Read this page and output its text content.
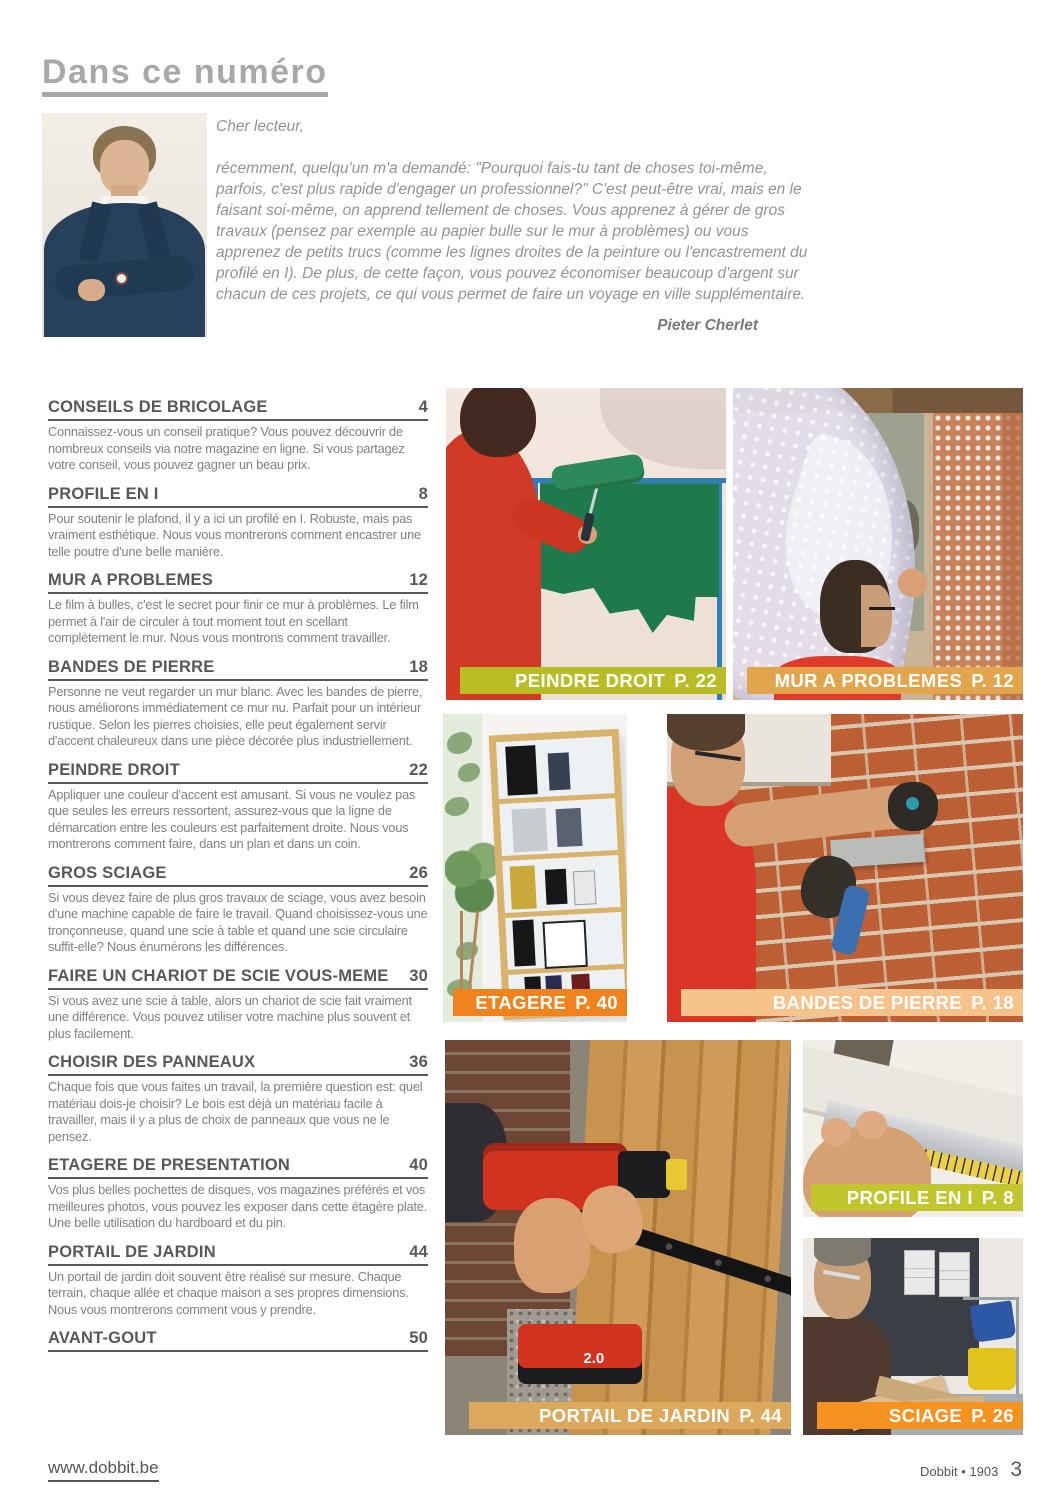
Dans ce numéro
Cher lecteur,
récemment, quelqu'un m'a demandé: "Pourquoi fais-tu tant de choses toi-même, parfois, c'est plus rapide d'engager un professionnel?" C'est peut-être vrai, mais en le faisant soi-même, on apprend tellement de choses. Vous apprenez à gérer de gros travaux (pensez par exemple au papier bulle sur le mur à problèmes) ou vous apprenez de petits trucs (comme les lignes droites de la peinture ou l'encastrement du profilé en I). De plus, de cette façon, vous pouvez économiser beaucoup d'argent sur chacun de ces projets, ce qui vous permet de faire un voyage en ville supplémentaire.
Pieter Cherlet
CONSEILS DE BRICOLAGE	4
Connaissez-vous un conseil pratique? Vous pouvez découvrir de nombreux conseils via notre magazine en ligne. Si vous partagez votre conseil, vous pouvez gagner un beau prix.
PROFILE EN I	8
Pour soutenir le plafond, il y a ici un profilé en I. Robuste, mais pas vraiment esthétique. Nous vous montrerons comment encastrer une telle poutre d'une belle manière.
MUR A PROBLEMES	12
Le film à bulles, c'est le secret pour finir ce mur à problèmes. Le film permet à l'air de circuler à tout moment tout en scellant complètement le mur. Nous vous montrons comment travailler.
BANDES DE PIERRE	18
Personne ne veut regarder un mur blanc. Avec les bandes de pierre, nous améliorons immédiatement ce mur nu. Parfait pour un intérieur rustique. Selon les pierres choisies, elle peut également servir d'accent chaleureux dans une pièce décorée plus industriellement.
PEINDRE DROIT	22
Appliquer une couleur d'accent est amusant. Si vous ne voulez pas que seules les erreurs ressortent, assurez-vous que la ligne de démarcation entre les couleurs est parfaitement droite. Nous vous montrerons comment faire, dans un plan et dans un coin.
GROS SCIAGE	26
Si vous devez faire de plus gros travaux de sciage, vous avez besoin d'une machine capable de faire le travail. Quand choisissez-vous une tronçonneuse, quand une scie à table et quand une scie circulaire suffit-elle? Nous énumérons les différences.
FAIRE UN CHARIOT DE SCIE VOUS-MEME 30
Si vous avez une scie à table, alors un chariot de scie fait vraiment une différence. Vous pouvez utiliser votre machine plus souvent et plus facilement.
CHOISIR DES PANNEAUX	36
Chaque fois que vous faites un travail, la première question est: quel matériau dois-je choisir? Le bois est déjà un matériau facile à travailler, mais il y a plus de choix de panneaux que vous ne le pensez.
ETAGERE DE PRESENTATION	40
Vos plus belles pochettes de disques, vos magazines préférés et vos meilleures photos, vous pouvez les exposer dans cette étagère plate. Une belle utilisation du hardboard et du pin.
PORTAIL DE JARDIN	44
Un portail de jardin doit souvent être réalisé sur mesure. Chaque terrain, chaque allée et chaque maison a ses propres dimensions. Nous vous montrerons comment vous y prendre.
AVANT-GOUT	50
PEINDRE DROIT P. 22	MUR A PROBLEMES P. 12
ETAGERE P. 40	BANDES DE PIERRE P. 18
2.0
PORTAIL DE JARDIN P. 44
PROFILE EN I P. 8
SCIAGE P. 26
www.dobbit.be	Dobbit • 1903 3
